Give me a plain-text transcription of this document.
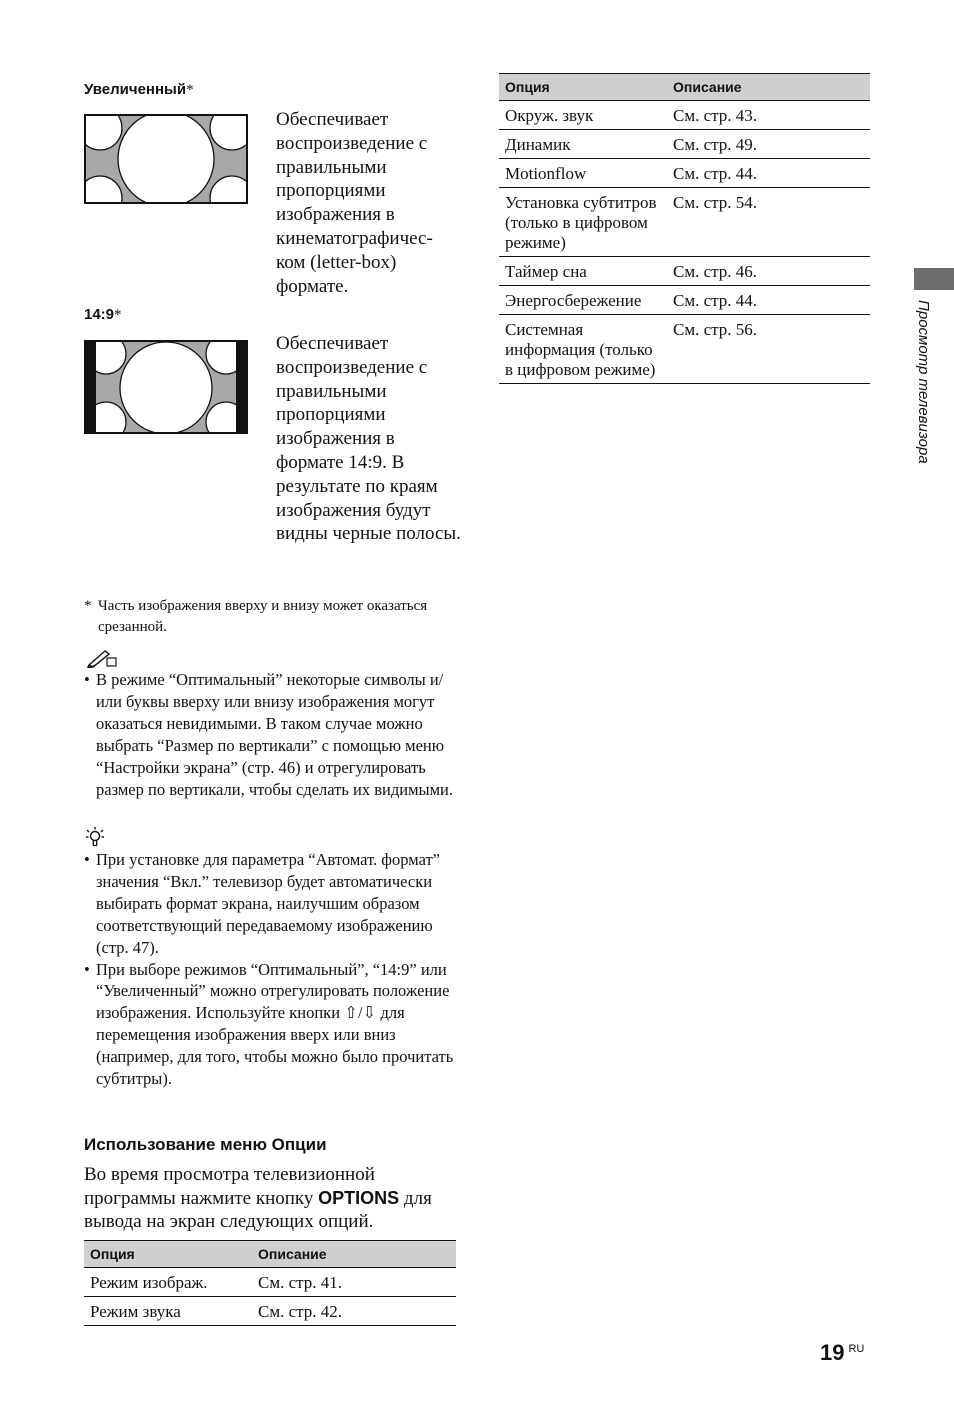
Увеличенный*
Обеспечивает воспроизведение с правильными пропорциями изображения в кинематографичес- ком (letter-box) формате.
14:9*
Обеспечивает воспроизведение с правильными пропорциями изображения в формате 14:9. В результате по краям изображения будут видны черные полосы.
* Часть изображения вверху и внизу может оказаться срезанной.

• В режиме “Оптимальный” некоторые символы и/или буквы вверху или внизу изображения могут оказаться невидимыми. В таком случае можно выбрать “Размер по вертикали” с помощью меню “Настройки экрана” (стр. 46) и отрегулировать размер по вертикали, чтобы сделать их видимыми.

• При установке для параметра “Автомат. формат” значения “Вкл.” телевизор будет автоматически выбирать формат экрана, наилучшим образом соответствующий передаваемому изображению (стр. 47).

• При выборе режимов “Оптимальный”, “14:9” или “Увеличенный” можно отрегулировать положение изображения. Используйте кнопки ⇧/⇩ для перемещения изображения вверх или вниз (например, для того, чтобы можно было прочитать субтитры).

Использование меню Опции
Во время просмотра телевизионной программы нажмите кнопку OPTIONS для вывода на экран следующих опций.
Опция	Описание
Режим изображ.	См. стр. 41.
Режим звука	См. стр. 42.
Опция	Описание
Окруж. звук	См. стр. 43.
Динамик	См. стр. 49.
Motionflow	См. стр. 44.
Установка субтитров (только в цифровом режиме)	См. стр. 54.
Таймер сна	См. стр. 46.
Энергосбережение	См. стр. 44.
Системная информация (только в цифровом режиме)	См. стр. 56.	Просмотр телевизора
19 $^{RU}$
